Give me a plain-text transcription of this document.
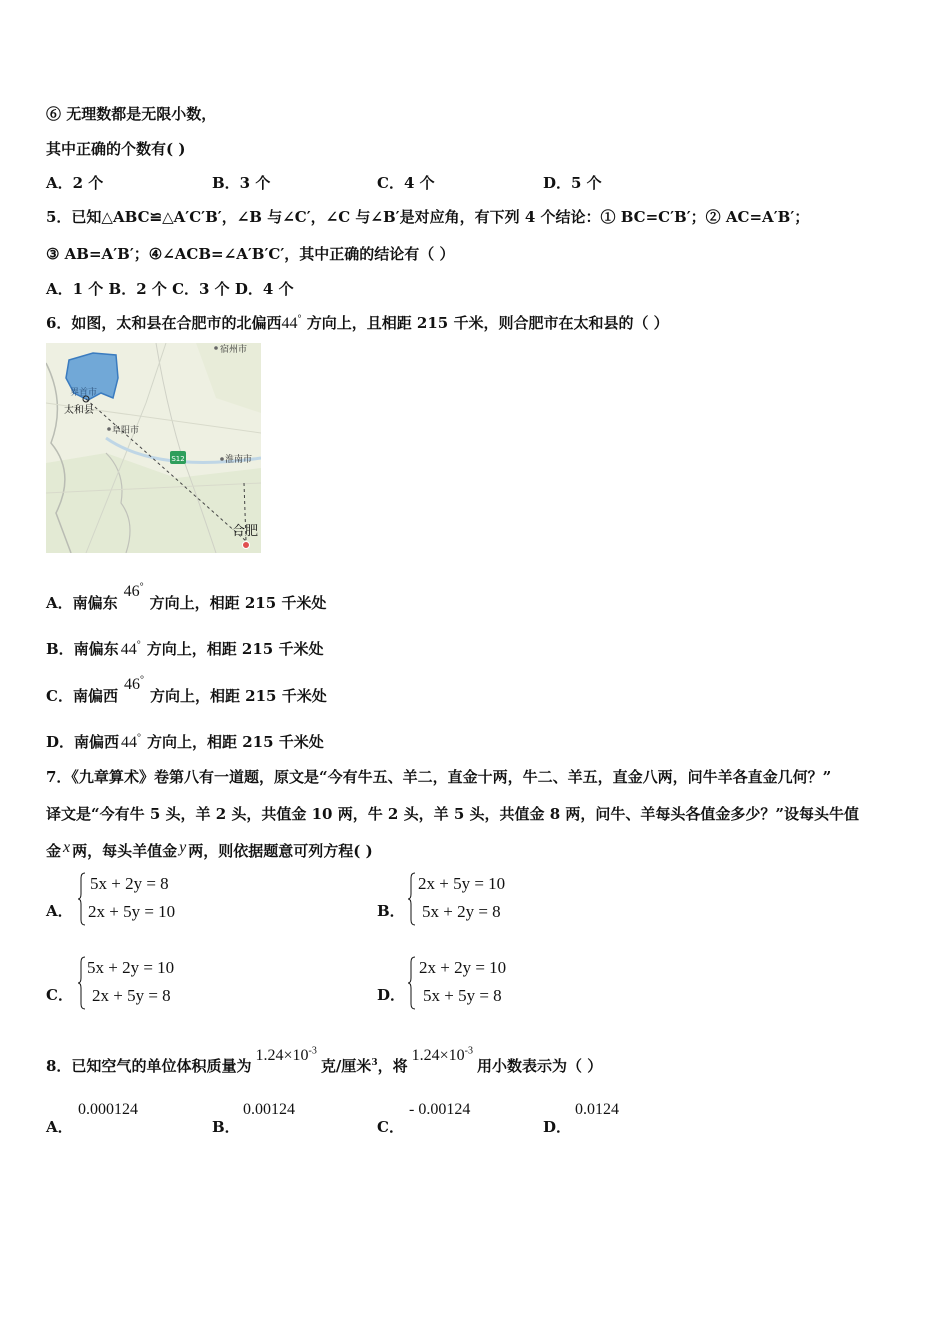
⑥ 无理数都是无限小数，
其中正确的个数有( )
A．2 个	B．3 个	C．4 个	D．5 个
5．已知△ABC≌△A′C′B′，∠B 与∠C′，∠C 与∠B′是对应角，有下列 4 个结论：① BC=C′B′；② AC=A′B′；
③ AB=A′B′；④∠ACB=∠A′B′C′，其中正确的结论有（ ）
A．1 个 B．2 个 C．3 个 D．4 个
6．如图，太和县在合肥市的北偏西44° 方向上，且相距 215 千米，则合肥市在太和县的（ ）
S12
宿州市
界首市
太和县
阜阳市
淮南市
合肥
A．南偏东46°方向上，相距 215 千米处
B．南偏东 44° 方向上，相距 215 千米处
C．南偏西46°方向上，相距 215 千米处
D．南偏西 44° 方向上，相距 215 千米处
7．《九章算术》卷第八有一道题，原文是“今有牛五、羊二，直金十两，牛二、羊五，直金八两，问牛羊各直金几何？”
译文是“今有牛 5 头，羊 2 头，共值金 10 两，牛 2 头，羊 5 头，共值金 8 两，问牛、羊每头各值金多少？”设每头牛值
金 x 两，每头羊值金 y 两，则依据题意可列方程( )
A．
5x + 2y = 8
2x + 5y = 10	B．
2x + 5y = 10
5x + 2y = 8
C．
5x + 2y = 10
2x + 5y = 8	D．
2x + 2y = 10
5x + 5y = 8
8．已知空气的单位体积质量为$1.24\times 10^{-3}$克/厘米$^3$，将$1.24\times 10^{-3}$用小数表示为（ ）
A．
0.000124
B．
0.00124
C．
- 0.00124
D．
0.0124
